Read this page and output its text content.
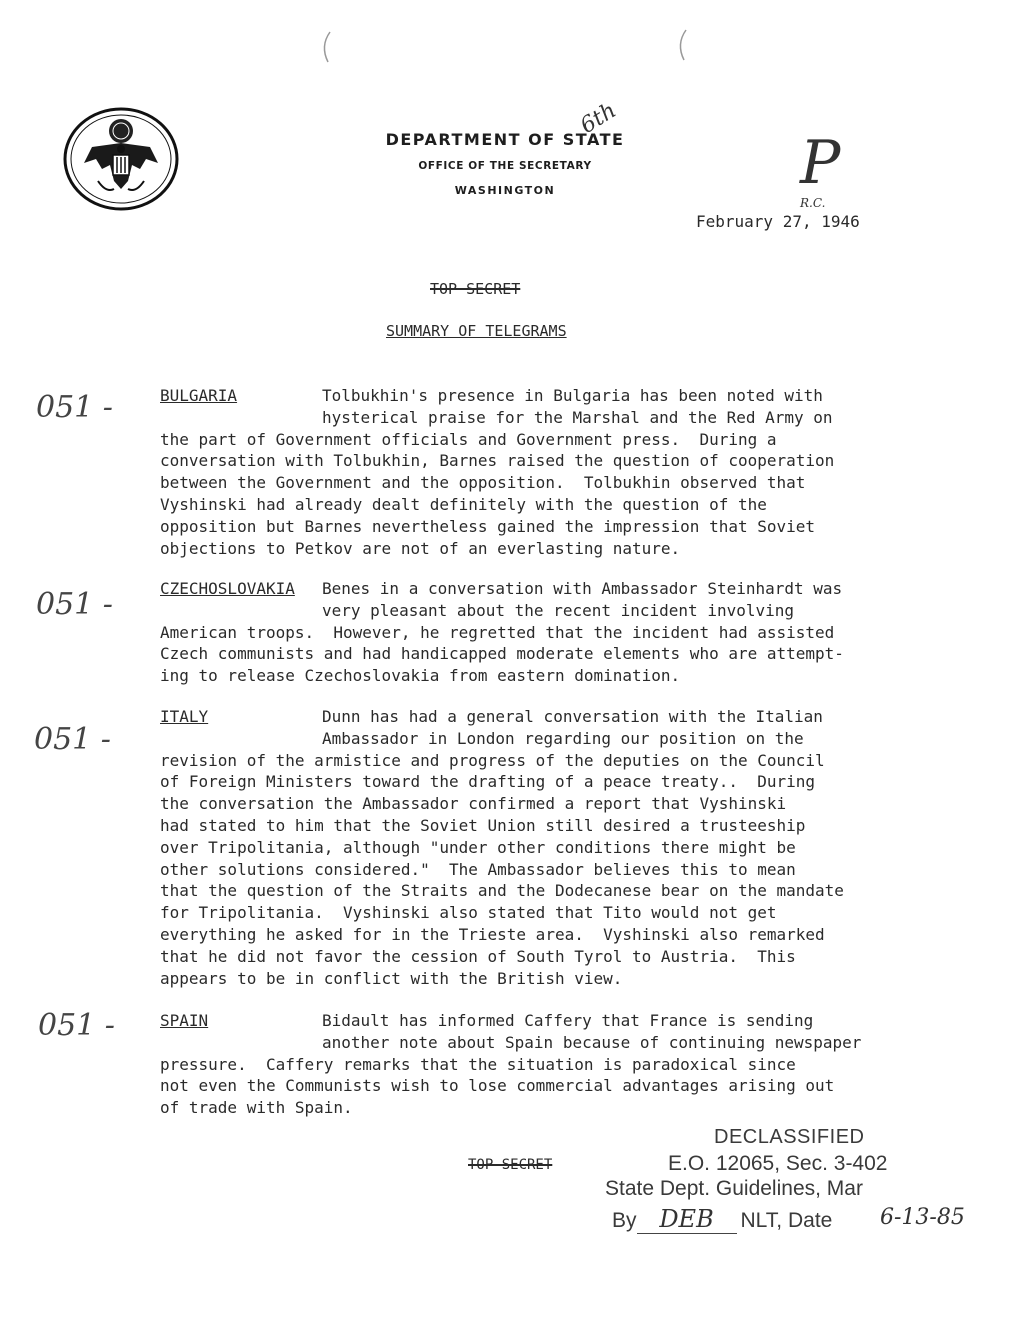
DEPARTMENT OF STATE
OFFICE OF THE SECRETARY
WASHINGTON
6th
P
R.C.
February 27, 1946
TOP SECRET
SUMMARY OF TELEGRAMS
051 -
051 -
051 -
051 -
BULGARIA	Tolbukhin's presence in Bulgaria has been noted with
hysterical praise for the Marshal and the Red Army on
the part of Government officials and Government press.  During a
conversation with Tolbukhin, Barnes raised the question of cooperation
between the Government and the opposition.  Tolbukhin observed that
Vyshinski had already dealt definitely with the question of the
opposition but Barnes nevertheless gained the impression that Soviet
objections to Petkov are not of an everlasting nature.
CZECHOSLOVAKIA Benes in a conversation with Ambassador Steinhardt was
very pleasant about the recent incident involving
American troops.  However, he regretted that the incident had assisted
Czech communists and had handicapped moderate elements who are attempt-
ing to release Czechoslovakia from eastern domination.
ITALY	Dunn has had a general conversation with the Italian
Ambassador in London regarding our position on the
revision of the armistice and progress of the deputies on the Council
of Foreign Ministers toward the drafting of a peace treaty..  During
the conversation the Ambassador confirmed a report that Vyshinski
had stated to him that the Soviet Union still desired a trusteeship
over Tripolitania, although "under other conditions there might be
other solutions considered."  The Ambassador believes this to mean
that the question of the Straits and the Dodecanese bear on the mandate
for Tripolitania.  Vyshinski also stated that Tito would not get
everything he asked for in the Trieste area.  Vyshinski also remarked
that he did not favor the cession of South Tyrol to Austria.  This
appears to be in conflict with the British view.
SPAIN	Bidault has informed Caffery that France is sending
another note about Spain because of continuing newspaper
pressure.  Caffery remarks that the situation is paradoxical since
not even the Communists wish to lose commercial advantages arising out
of trade with Spain.
TOP SECRET
DECLASSIFIED
E.O. 12065, Sec. 3-402
State Dept. Guidelines, Mar
By DEB NLT, Date 6-13-85
